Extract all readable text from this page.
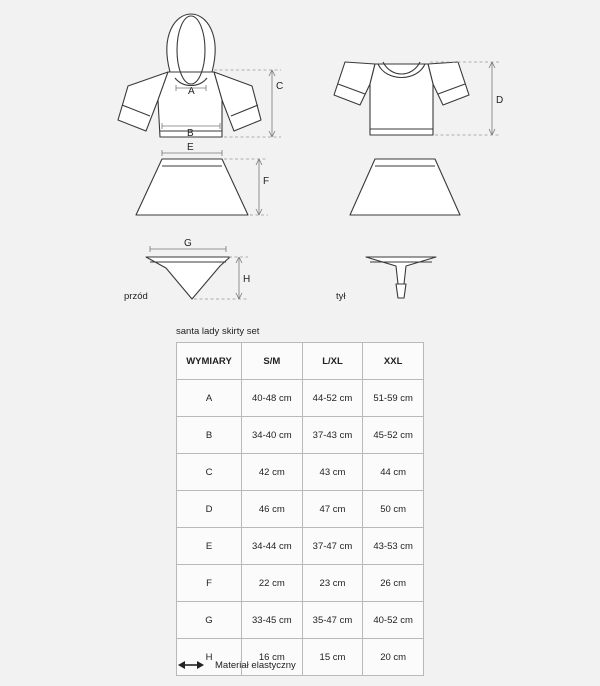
A
B
C
D
E
F
G
H
przód	tył
santa lady skirty set
WYMIARY	S/M	L/XL	XXL
A	40-48 cm	44-52 cm	51-59 cm
B	34-40 cm	37-43 cm	45-52 cm
C	42 cm	43 cm	44 cm
D	46 cm	47 cm	50 cm
E	34-44 cm	37-47 cm	43-53 cm
F	22 cm	23 cm	26 cm
G	33-45 cm	35-47 cm	40-52 cm
H	16 cm	15 cm	20 cm
Materiał elastyczny
